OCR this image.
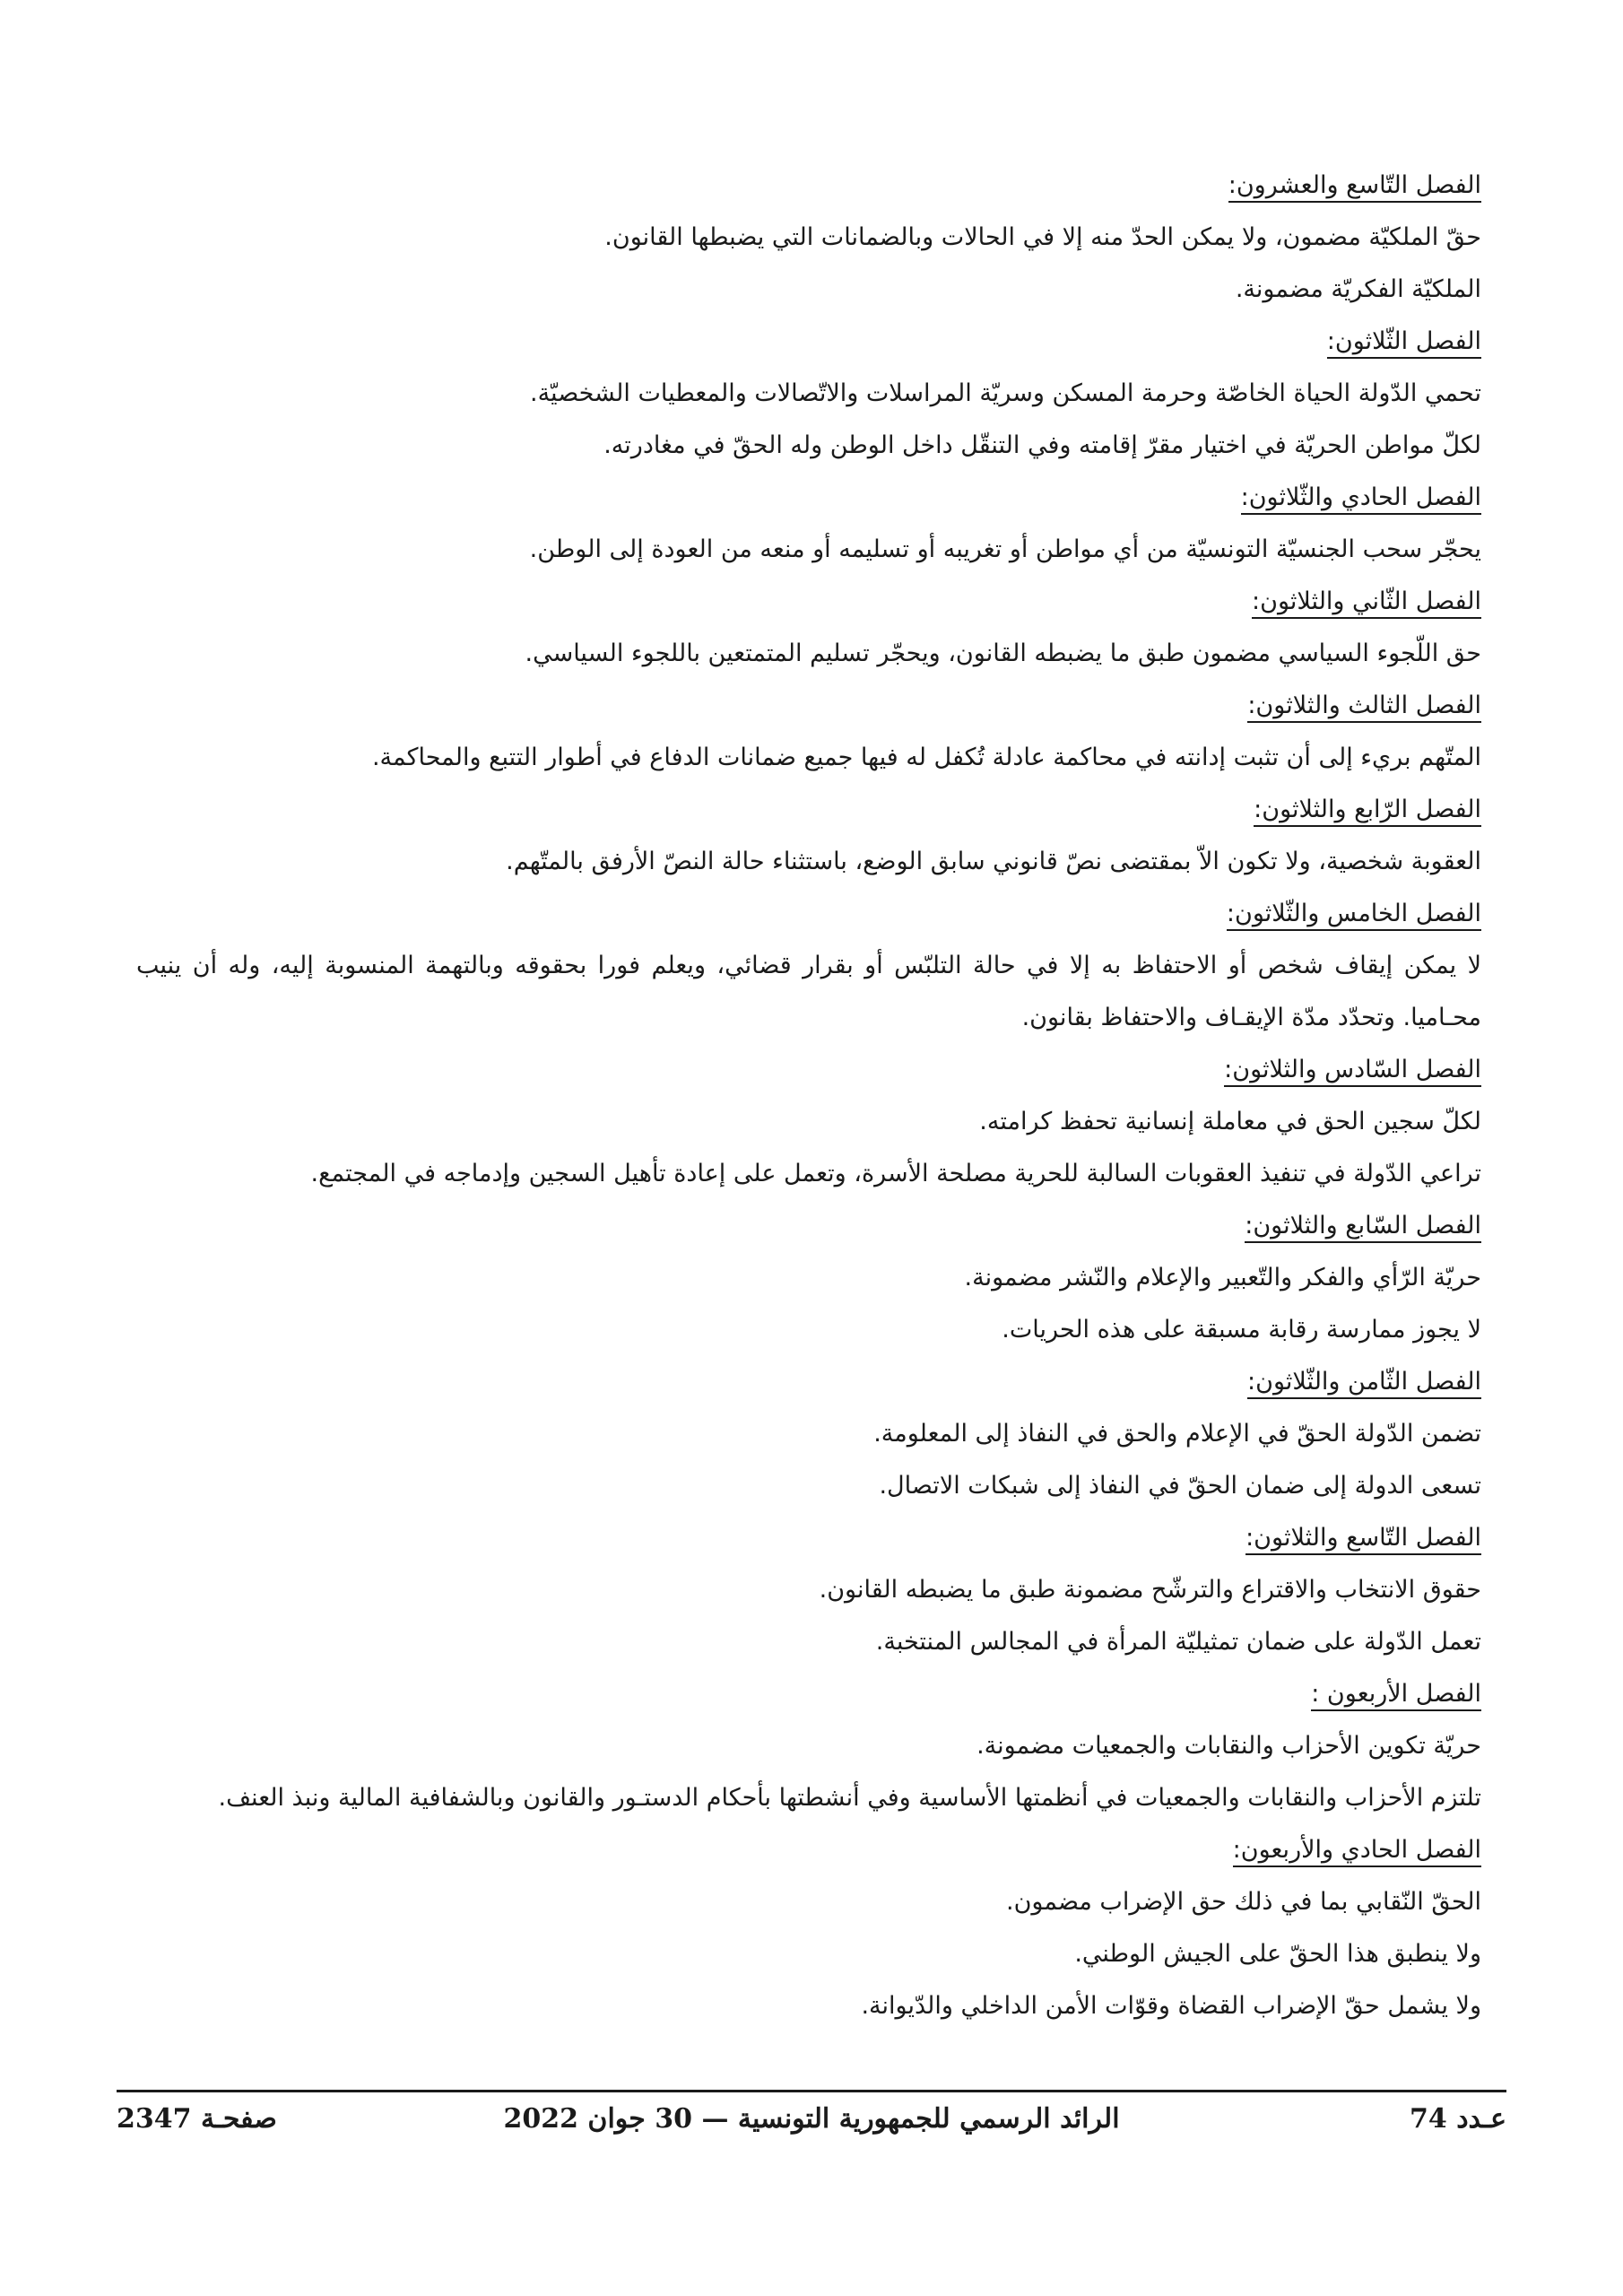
الفصل التّاسع والعشرون:
حقّ الملكيّة مضمون، ولا يمكن الحدّ منه إلا في الحالات وبالضمانات التي يضبطها القانون.
الملكيّة الفكريّة مضمونة.
الفصل الثّلاثون:
تحمي الدّولة الحياة الخاصّة وحرمة المسكن وسريّة المراسلات والاتّصالات والمعطيات الشخصيّة.
لكلّ مواطن الحريّة في اختيار مقرّ إقامته وفي التنقّل داخل الوطن وله الحقّ في مغادرته.
الفصل الحادي والثّلاثون:
يحجّر سحب الجنسيّة التونسيّة من أي مواطن أو تغريبه أو تسليمه أو منعه من العودة إلى الوطن.
الفصل الثّاني والثلاثون:
حق اللّجوء السياسي مضمون طبق ما يضبطه القانون، ويحجّر تسليم المتمتعين باللجوء السياسي.
الفصل الثالث والثلاثون:
المتّهم بريء إلى أن تثبت إدانته في محاكمة عادلة تُكفل له فيها جميع ضمانات الدفاع في أطوار التتبع والمحاكمة.
الفصل الرّابع والثلاثون:
العقوبة شخصية، ولا تكون الاّ بمقتضى نصّ قانوني سابق الوضع، باستثناء حالة النصّ الأرفق بالمتّهم.
الفصل الخامس والثّلاثون:
لا يمكن إيقاف شخص أو الاحتفاظ به إلا في حالة التلبّس أو بقرار قضائي، ويعلم فورا بحقوقه وبالتهمة المنسوبة إليه، وله أن ينيب محـاميا. وتحدّد مدّة الإيقـاف والاحتفاظ بقانون.
الفصل السّادس والثلاثون:
لكلّ سجين الحق في معاملة إنسانية تحفظ كرامته.
تراعي الدّولة في تنفيذ العقوبات السالبة للحرية مصلحة الأسرة، وتعمل على إعادة تأهيل السجين وإدماجه في المجتمع.
الفصل السّابع والثلاثون:
حريّة الرّأي والفكر والتّعبير والإعلام والنّشر مضمونة.
لا يجوز ممارسة رقابة مسبقة على هذه الحريات.
الفصل الثّامن والثّلاثون:
تضمن الدّولة الحقّ في الإعلام والحق في النفاذ إلى المعلومة.
تسعى الدولة إلى ضمان الحقّ في النفاذ إلى شبكات الاتصال.
الفصل التّاسع والثلاثون:
حقوق الانتخاب والاقتراع والترشّح مضمونة طبق ما يضبطه القانون.
تعمل الدّولة على ضمان تمثيليّة المرأة في المجالس المنتخبة.
الفصل الأربعون :
حريّة تكوين الأحزاب والنقابات والجمعيات مضمونة.
تلتزم الأحزاب والنقابات والجمعيات في أنظمتها الأساسية وفي أنشطتها بأحكام الدستـور والقانون وبالشفافية المالية ونبذ العنف.
الفصل الحادي والأربعون:
الحقّ النّقابي بما في ذلك حق الإضراب مضمون.
ولا ينطبق هذا الحقّ على الجيش الوطني.
ولا يشمل حقّ الإضراب القضاة وقوّات الأمن الداخلي والدّيوانة.
عـدد 74
الرائد الرسمي للجمهورية التونسية — 30 جوان 2022
صفحـة 2347
